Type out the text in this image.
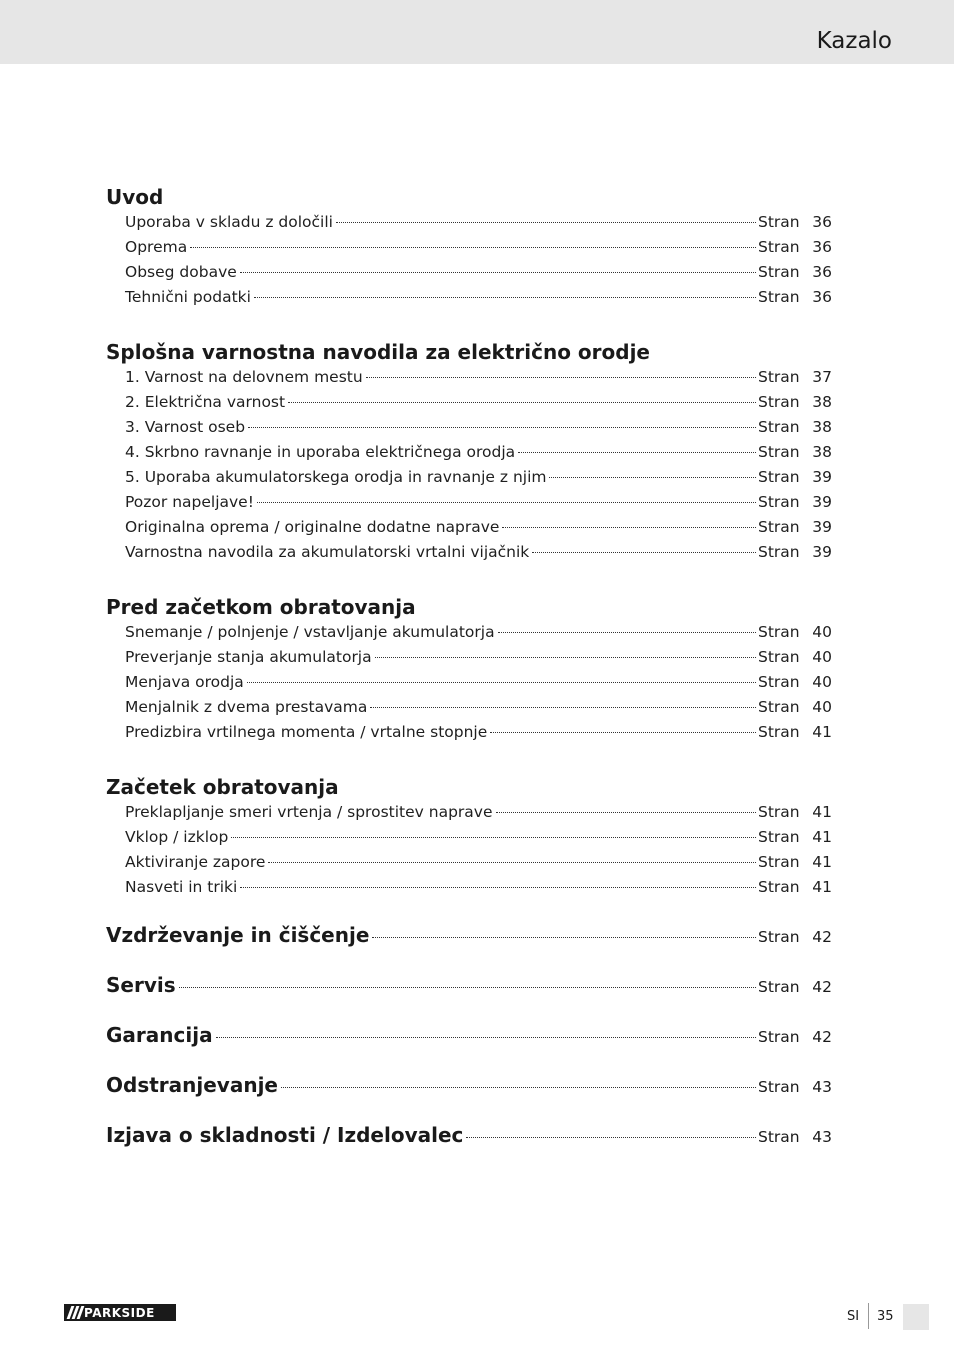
Kazalo
Uvod
Uporaba v skladu z določili	Stran 36
Oprema	Stran 36
Obseg dobave	Stran 36
Tehnični podatki	Stran 36
Splošna varnostna navodila za električno orodje
1. Varnost na delovnem mestu	Stran 37
2. Električna varnost	Stran 38
3. Varnost oseb	Stran 38
4. Skrbno ravnanje in uporaba električnega orodja	Stran 38
5. Uporaba akumulatorskega orodja in ravnanje z njim	Stran 39
Pozor napeljave!	Stran 39
Originalna oprema / originalne dodatne naprave	Stran 39
Varnostna navodila za akumulatorski vrtalni vijačnik	Stran 39
Pred začetkom obratovanja
Snemanje / polnjenje / vstavljanje akumulatorja	Stran 40
Preverjanje stanja akumulatorja	Stran 40
Menjava orodja	Stran 40
Menjalnik z dvema prestavama	Stran 40
Predizbira vrtilnega momenta / vrtalne stopnje	Stran 41
Začetek obratovanja
Preklapljanje smeri vrtenja / sprostitev naprave	Stran 41
Vklop / izklop	Stran 41
Aktiviranje zapore	Stran 41
Nasveti in triki	Stran 41
Vzdrževanje in čiščenje	Stran 42
Servis	Stran 42
Garancija	Stran 42
Odstranjevanje	Stran 43
Izjava o skladnosti / Izdelovalec	Stran 43
PARKSIDE	SI 35
